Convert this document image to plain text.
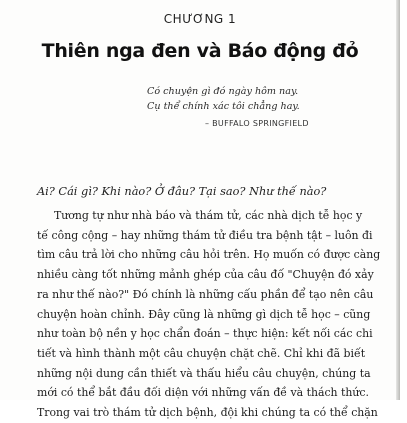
CHƯƠNG 1
Thiên nga đen và Báo động đỏ
Có chuyện gì đó ngày hôm nay.
Cụ thể chính xác tôi chẳng hay.
– BUFFALO SPRINGFIELD

Ai? Cái gì? Khi nào? Ở đâu? Tại sao? Như thế nào?

Tương tự như nhà báo và thám tử, các nhà dịch tễ học y
tế công cộng – hay những thám tử điều tra bệnh tật – luôn đi
tìm câu trả lời cho những câu hỏi trên. Họ muốn có được càng
nhiều càng tốt những mảnh ghép của câu đố "Chuyện đó xảy
ra như thế nào?" Đó chính là những cấu phần để tạo nên câu
chuyện hoàn chỉnh. Đây cũng là những gì dịch tễ học – cũng
như toàn bộ nền y học chẩn đoán – thực hiện: kết nối các chi
tiết và hình thành một câu chuyện chặt chẽ. Chỉ khi đã biết
những nội dung cần thiết và thấu hiểu câu chuyện, chúng ta
mới có thể bắt đầu đối diện với những vấn đề và thách thức.
Trong vai trò thám tử dịch bệnh, đội khi chúng ta có thể chặn
